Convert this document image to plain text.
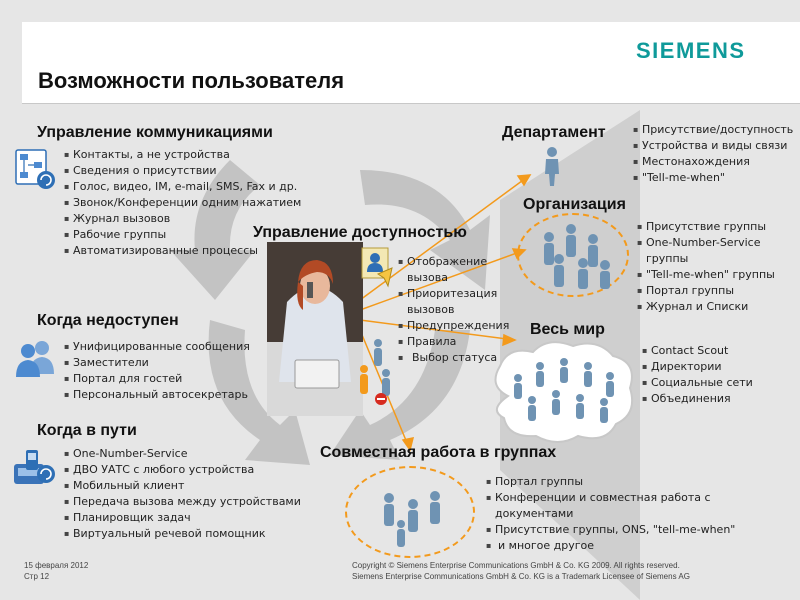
SIEMENS
Возможности пользователя
Управление коммуникациями
▪ Контакты, а не устройства
▪ Сведения о присутствии
▪ Голос, видео, IM, e-mail, SMS, Fax и др.
▪ Звонок/Конференции одним нажатием
▪ Журнал вызовов
▪ Рабочие группы
▪ Автоматизированные процессы
Когда недоступен
▪ Унифицированные сообщения
▪ Заместители
▪ Портал для гостей
▪ Персональный автосекретарь
Когда в пути
▪ One-Number-Service
▪ ДВО УАТС с любого устройства
▪ Мобильный клиент
▪ Передача вызова между устройствами
▪ Планировщик задач
▪ Виртуальный речевой помощник
Управление доступностью
▪ Отображение вызова
▪ Приоритезация вызовов
▪ Предупреждения
▪ Правила
▪ Выбор статуса
Департамент
▪	Присутствие/доступность
▪ Устройства и виды связи
▪ Местонахождения
▪ "Tell-me-when"
Организация
▪ Присутствие группы
▪ One-Number-Service группы
▪ "Tell-me-when" группы
▪ Портал группы
▪ Журнал и Списки
Весь мир
▪ Contact Scout
▪ Директории
▪ Социальные сети
▪ Объединения
Совместная работа в группах
▪ Портал группы
▪ Конференции и совместная работа с документами
▪ Присутствие группы, ONS, "tell-me-when"
▪ и многое другое
15 февраля 2012
Стр 12
Copyright © Siemens Enterprise Communications GmbH & Co. KG 2009. All rights reserved.
Siemens Enterprise Communications GmbH & Co. KG is a Trademark Licensee of Siemens AG
